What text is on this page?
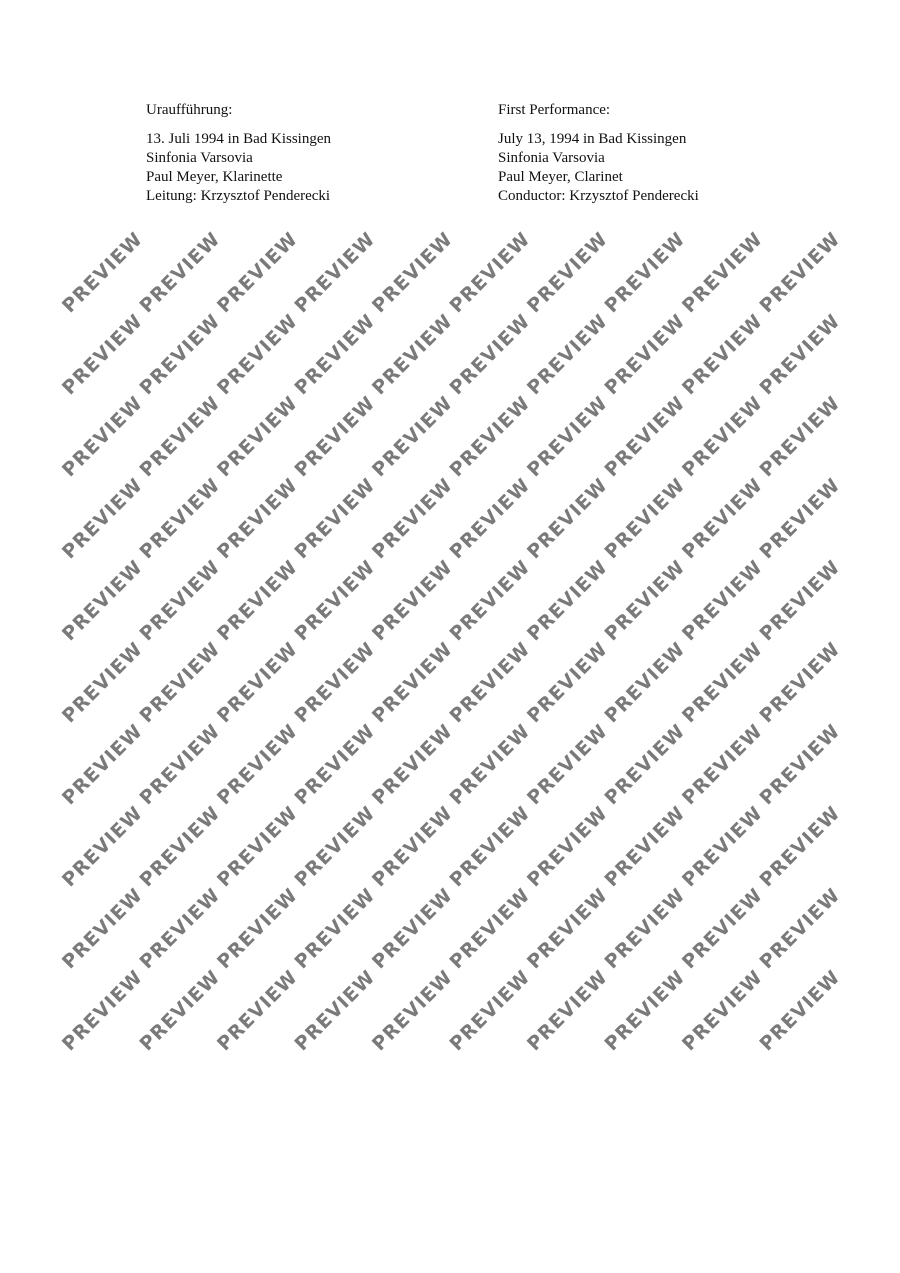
Uraufführung:
13. Juli 1994 in Bad Kissingen
Sinfonia Varsovia
Paul Meyer, Klarinette
Leitung: Krzysztof Penderecki
First Performance:
July 13, 1994 in Bad Kissingen
Sinfonia Varsovia
Paul Meyer, Clarinet
Conductor: Krzysztof Penderecki
PREVIEW
PREVIEW
PREVIEW
PREVIEW
PREVIEW
PREVIEW
PREVIEW
PREVIEW
PREVIEW
PREVIEW
PREVIEW
PREVIEW
PREVIEW
PREVIEW
PREVIEW
PREVIEW
PREVIEW
PREVIEW
PREVIEW
PREVIEW
PREVIEW
PREVIEW
PREVIEW
PREVIEW
PREVIEW
PREVIEW
PREVIEW
PREVIEW
PREVIEW
PREVIEW
PREVIEW
PREVIEW
PREVIEW
PREVIEW
PREVIEW
PREVIEW
PREVIEW
PREVIEW
PREVIEW
PREVIEW
PREVIEW
PREVIEW
PREVIEW
PREVIEW
PREVIEW
PREVIEW
PREVIEW
PREVIEW
PREVIEW
PREVIEW
PREVIEW
PREVIEW
PREVIEW
PREVIEW
PREVIEW
PREVIEW
PREVIEW
PREVIEW
PREVIEW
PREVIEW
PREVIEW
PREVIEW
PREVIEW
PREVIEW
PREVIEW
PREVIEW
PREVIEW
PREVIEW
PREVIEW
PREVIEW
PREVIEW
PREVIEW
PREVIEW
PREVIEW
PREVIEW
PREVIEW
PREVIEW
PREVIEW
PREVIEW
PREVIEW
PREVIEW
PREVIEW
PREVIEW
PREVIEW
PREVIEW
PREVIEW
PREVIEW
PREVIEW
PREVIEW
PREVIEW
PREVIEW
PREVIEW
PREVIEW
PREVIEW
PREVIEW
PREVIEW
PREVIEW
PREVIEW
PREVIEW
PREVIEW
